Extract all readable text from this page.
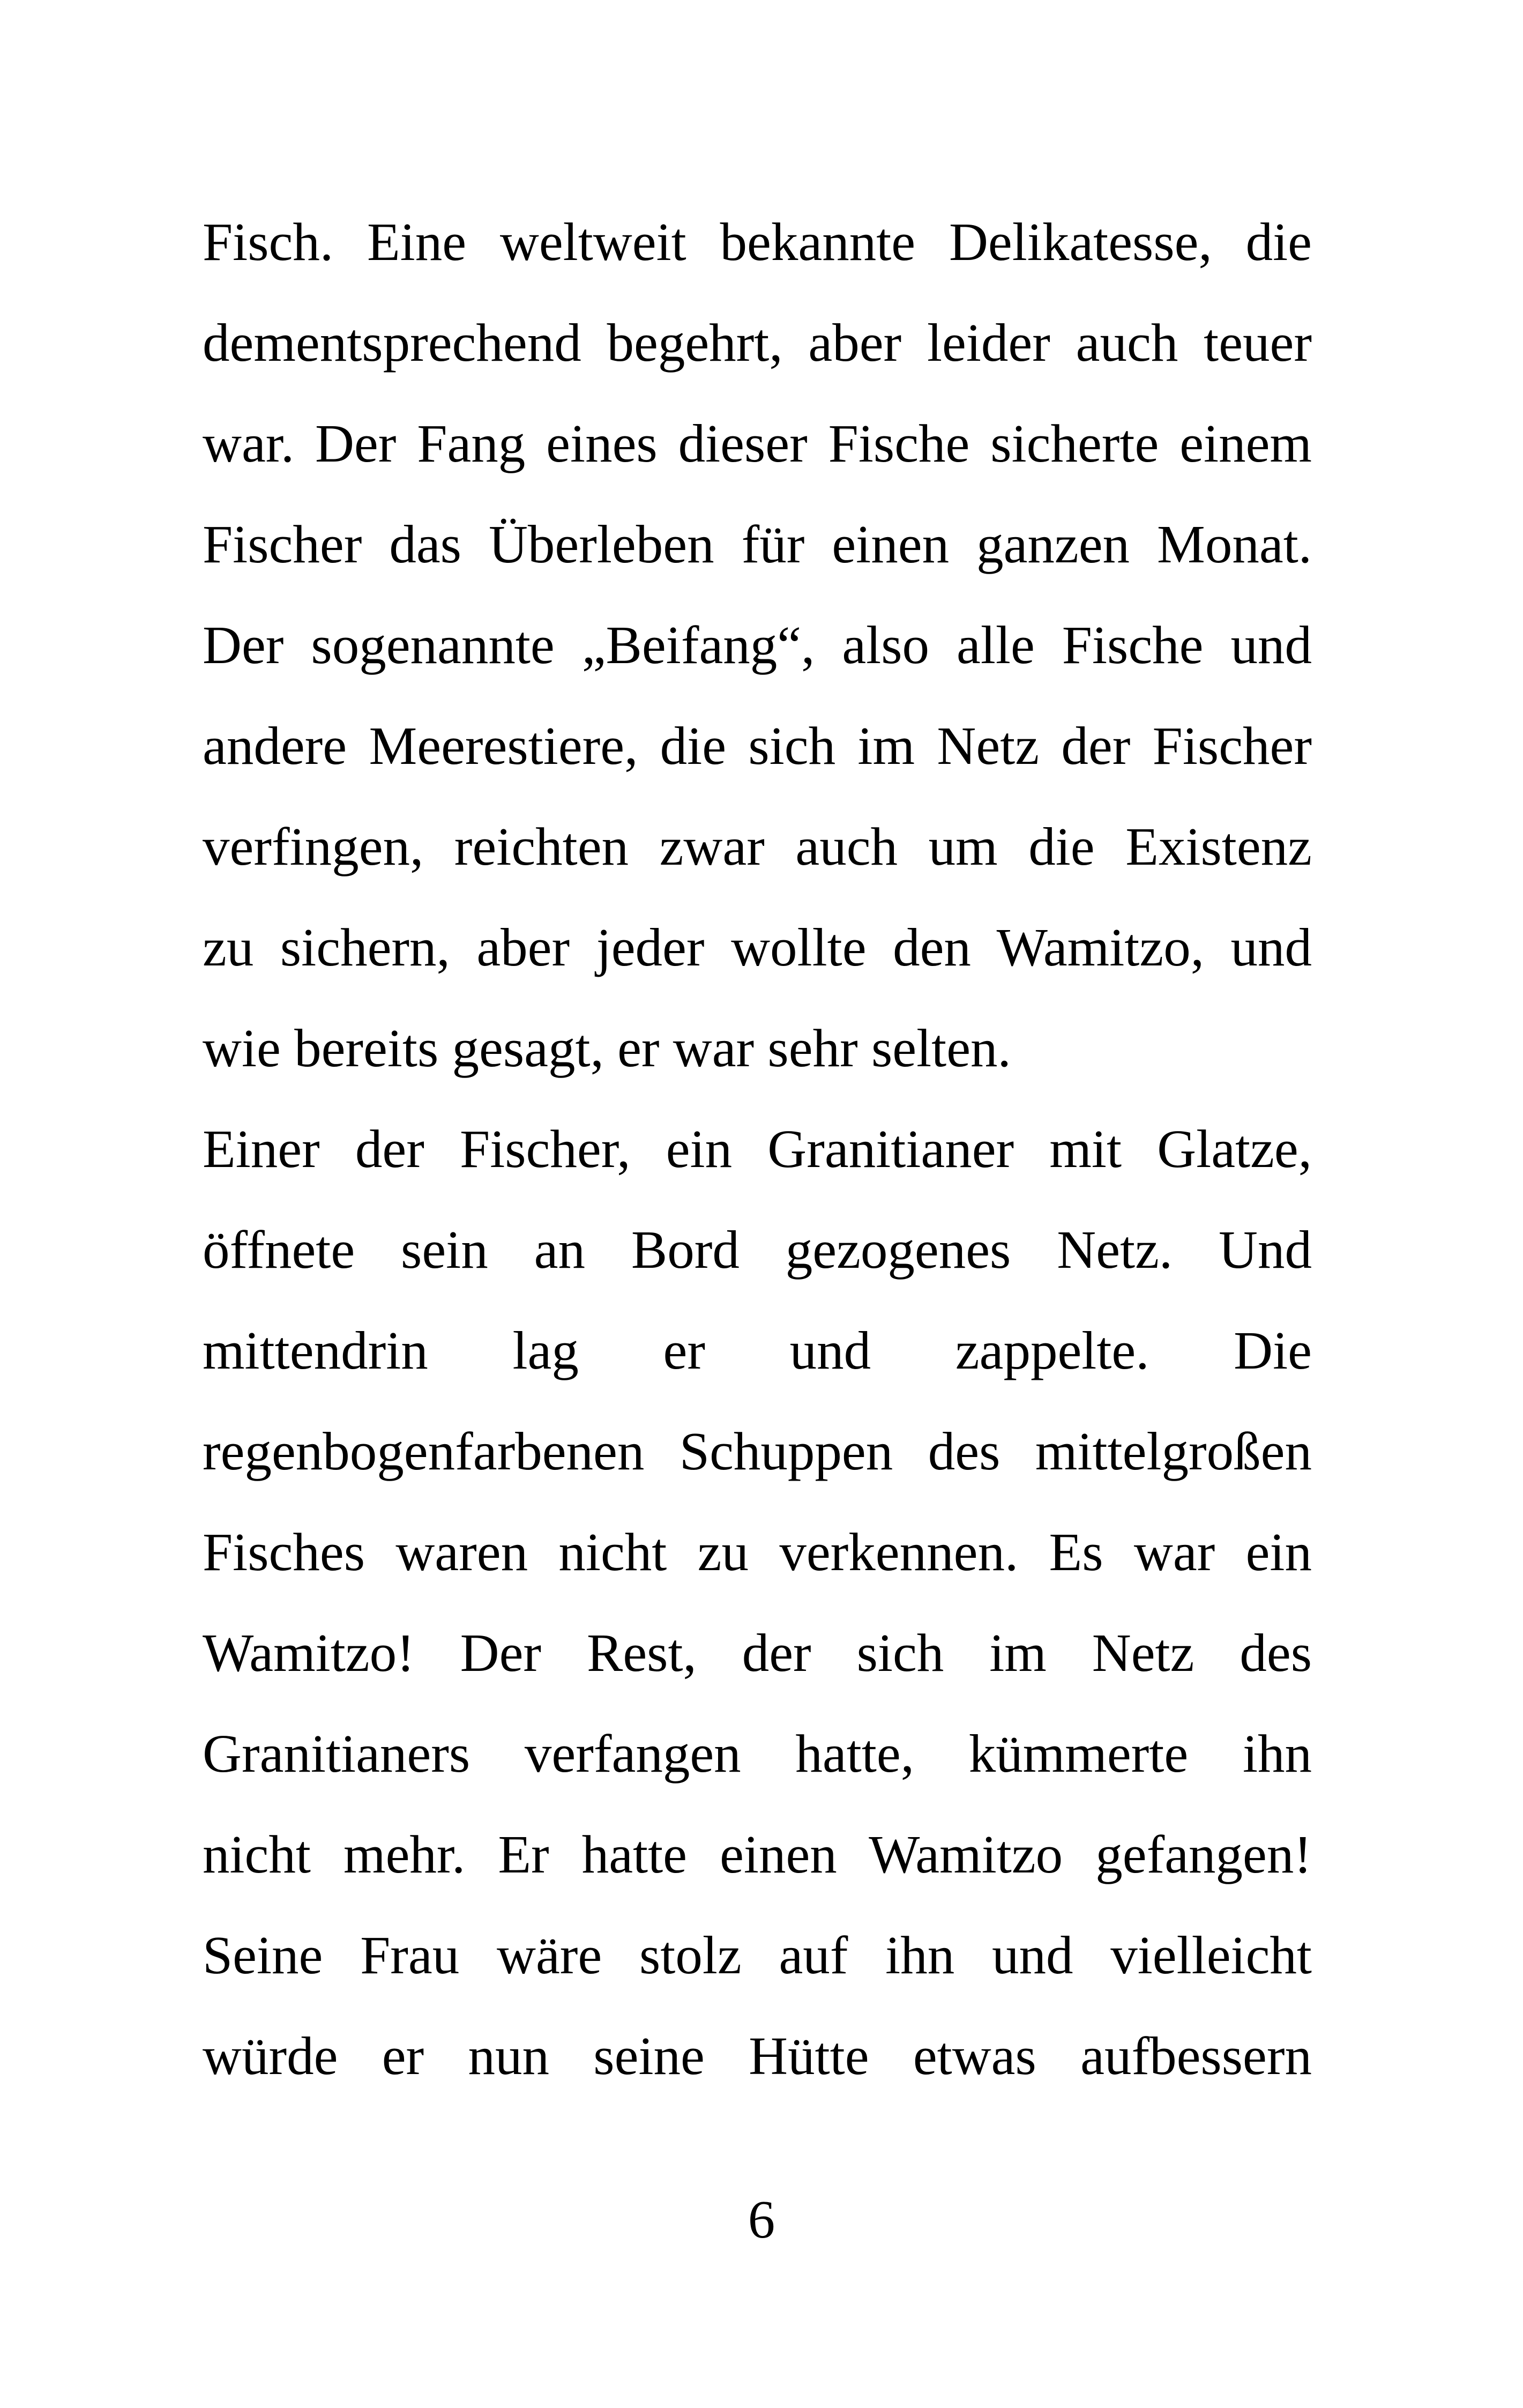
Fisch. Eine weltweit bekannte Delikatesse, die
dementsprechend begehrt, aber leider auch teuer
war. Der Fang eines dieser Fische sicherte einem
Fischer das Überleben für einen ganzen Monat.
Der sogenannte „Beifang“, also alle Fische und
andere Meerestiere, die sich im Netz der Fischer
verfingen, reichten zwar auch um die Existenz
zu sichern, aber jeder wollte den Wamitzo, und
wie bereits gesagt, er war sehr selten.
Einer der Fischer, ein Granitianer mit Glatze,
öffnete sein an Bord gezogenes Netz. Und
mittendrin lag er und zappelte. Die
regenbogenfarbenen Schuppen des mittelgroßen
Fisches waren nicht zu verkennen. Es war ein
Wamitzo! Der Rest, der sich im Netz des
Granitianers verfangen hatte, kümmerte ihn
nicht mehr. Er hatte einen Wamitzo gefangen!
Seine Frau wäre stolz auf ihn und vielleicht
würde er nun seine Hütte etwas aufbessern
6
